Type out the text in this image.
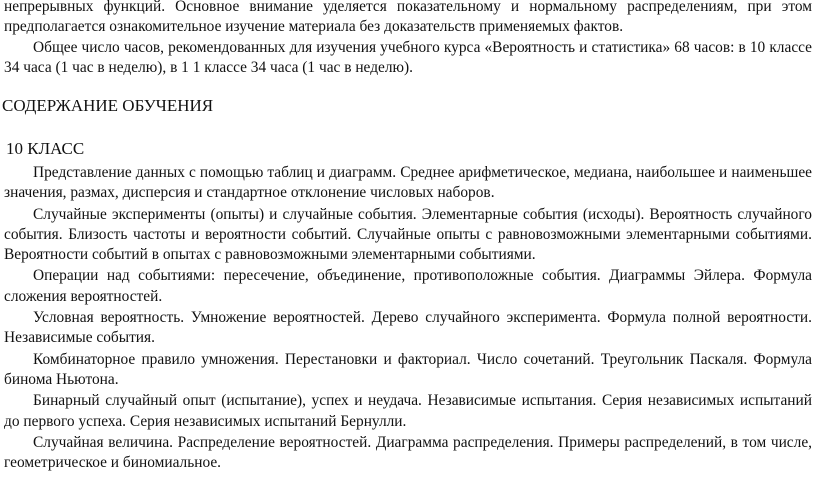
непрерывных функций. Основное внимание уделяется показательному и нормальному распределениям, при этом предполагается ознакомительное изучение материала без доказательств применяемых фактов.

Общее число часов, рекомендованных для изучения учебного курса «Вероятность и статистика» 68 часов: в 10 классе 34 часа (1 час в неделю), в 1 1 классе 34 часа (1 час в неделю).

СОДЕРЖАНИЕ ОБУЧЕНИЯ
10 КЛАСС

Представление данных с помощью таблиц и диаграмм. Среднее арифметическое, медиана, наибольшее и наименьшее значения, размах, дисперсия и стандартное отклонение числовых наборов.

Случайные эксперименты (опыты) и случайные события. Элементарные события (исходы). Вероятность случайного события. Близость частоты и вероятности событий. Случайные опыты с равновозможными элементарными событиями. Вероятности событий в опытах с равновозможными элементарными событиями.

Операции над событиями: пересечение, объединение, противоположные события. Диаграммы Эйлера. Формула сложения вероятностей.

Условная вероятность. Умножение вероятностей. Дерево случайного эксперимента. Формула полной вероятности. Независимые события.

Комбинаторное правило умножения. Перестановки и факториал. Число сочетаний. Треугольник Паскаля. Формула бинома Ньютона.

Бинарный случайный опыт (испытание), успех и неудача. Независимые испытания. Серия независимых испытаний до первого успеха. Серия независимых испытаний Бернулли.

Случайная величина. Распределение вероятностей. Диаграмма распределения. Примеры распределений, в том числе, геометрическое и биномиальное.
